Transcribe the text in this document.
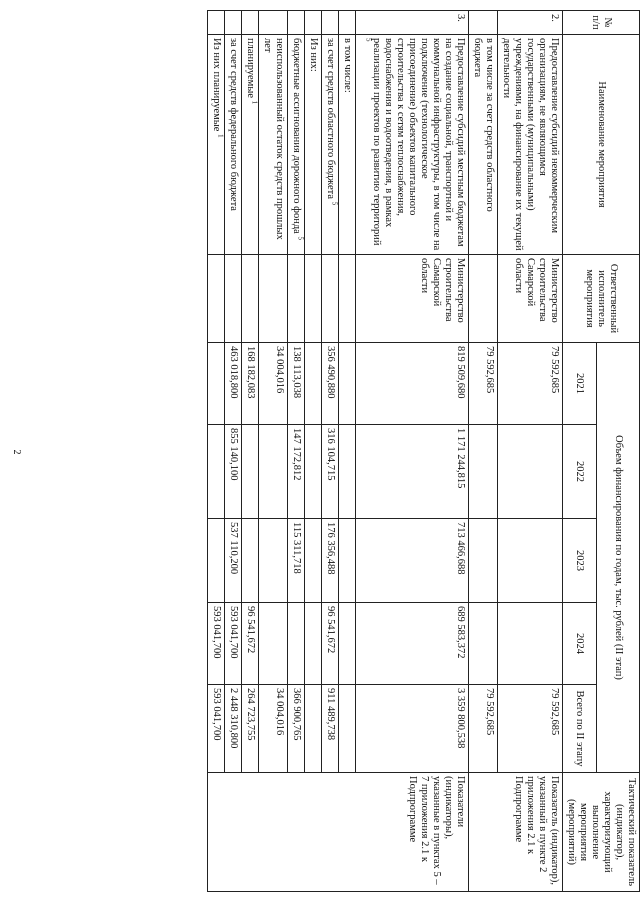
№ п/п	Наименование мероприятия	Ответственный исполнитель мероприятия	Объем финансирования по годам, тыс. рублей (II этап)					Тактический показатель (индикатор), характеризующий выполнение мероприятия (мероприятий)
			2021	2022	2023	2024	Всего по II этапу	
2.	Предоставление субсидий некоммерческим организациям, не являющимся государственными (муниципальными) учреждениями, на финансирование их текущей деятельности	Министерство строительства Самарской области	79 592,685				79 592,685	Показатель (индикатор), указанный в пункте 2 приложения 2.1 к Подпрограмме
	в том числе за счет средств областного бюджета		79 592,685				79 592,685	
3.	Предоставление субсидий местным бюджетам на создание социальной, транспортной и коммунальной инфраструктуры, в том числе на подключение (технологическое присоединение) объектов капитального строительства к сетям теплоснабжения, водоснабжения и водоотведения, в рамках реализации проектов по развитию территорий $^5$	Министерство строительства Самарской области	819 509,680	1 171 244,815	713 466,688	689 583,372	3 359 800,538	Показатели (индикаторы), указанные в пунктах 5 – 7 приложения 2.1 к Подпрограмме
	в том числе:							
	за счет средств областного бюджета $^5$		356 490,880	316 104,715	176 356,488	96 541,672	911 489,738	
	Из них:							
	бюджетные ассигнования дорожного фонда $^5$		138 113,038	147 172,812	115 311,718		366 900,765	
	неиспользованный остаток средств прошлых лет		34 004,016				34 004,016	
	планируемые $^1$		168 182,083			96 541,672	264 723,755	
	за счет средств федерального бюджета		463 018,800	855 140,100	537 110,200	593 041,700	2 448 310,800	
	Из них планируемые $^1$					593 041,700	593 041,700	
2
